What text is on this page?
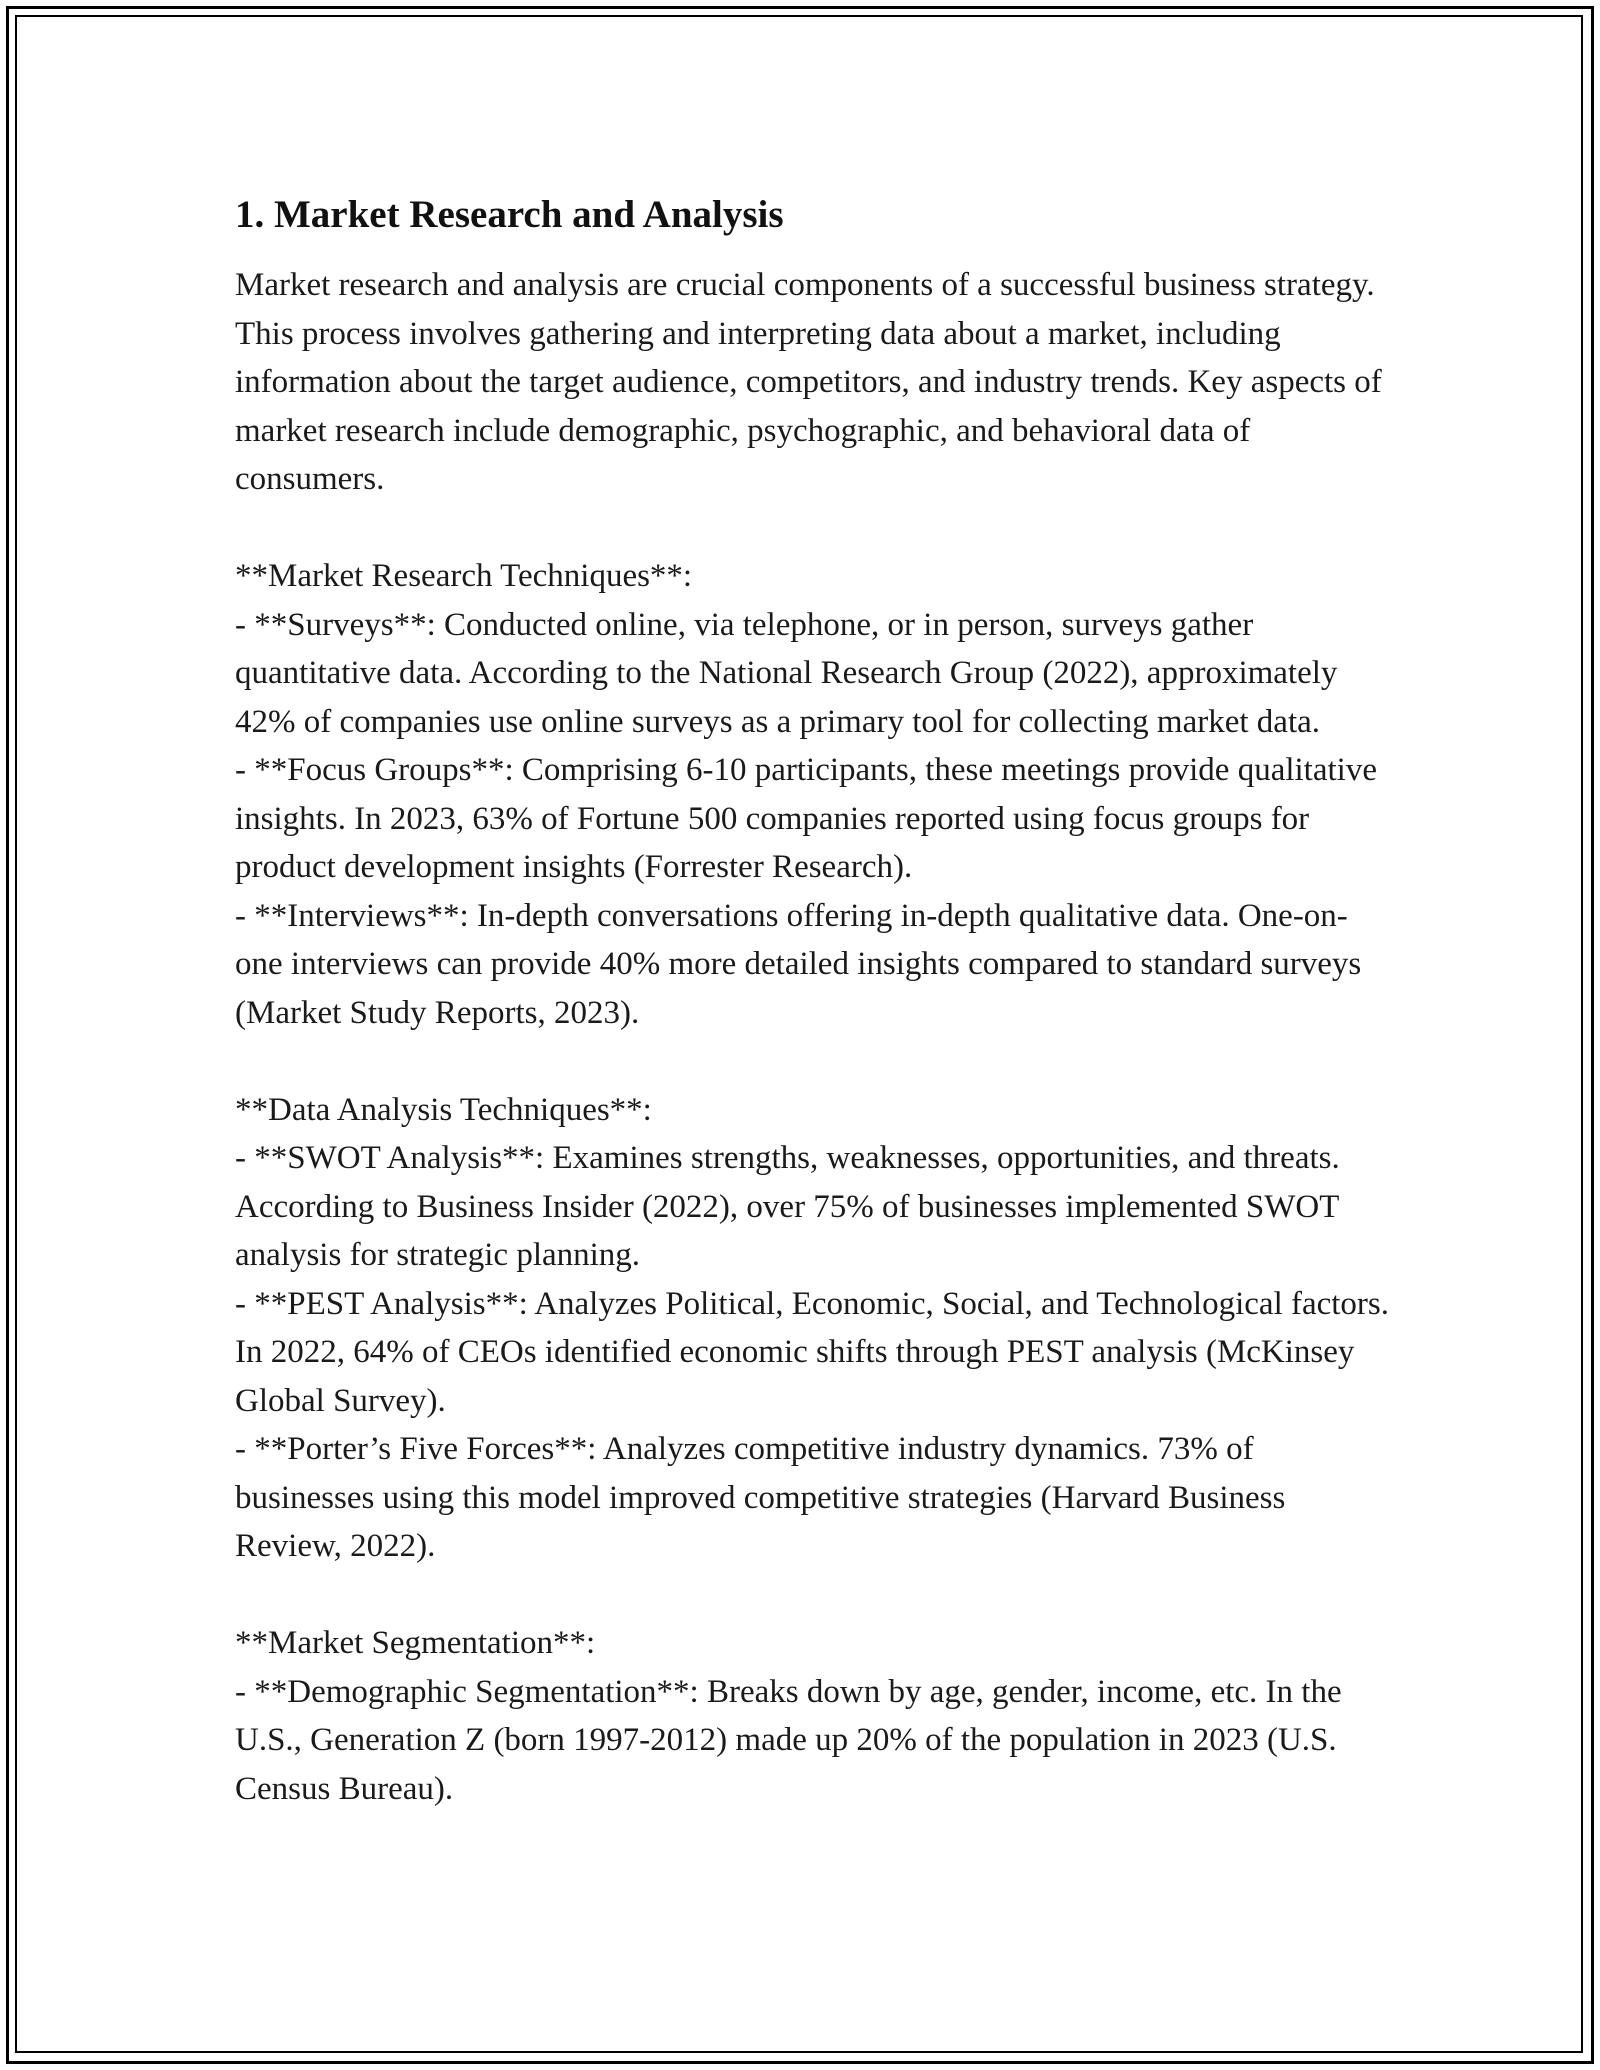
1. Market Research and Analysis

Market research and analysis are crucial components of a successful business strategy. This process involves gathering and interpreting data about a market, including information about the target audience, competitors, and industry trends. Key aspects of market research include demographic, psychographic, and behavioral data of consumers.

**Market Research Techniques**:

- **Surveys**: Conducted online, via telephone, or in person, surveys gather quantitative data. According to the National Research Group (2022), approximately 42% of companies use online surveys as a primary tool for collecting market data.

- **Focus Groups**: Comprising 6-10 participants, these meetings provide qualitative insights. In 2023, 63% of Fortune 500 companies reported using focus groups for product development insights (Forrester Research).

- **Interviews**: In-depth conversations offering in-depth qualitative data. One-on-one interviews can provide 40% more detailed insights compared to standard surveys (Market Study Reports, 2023).

**Data Analysis Techniques**:

- **SWOT Analysis**: Examines strengths, weaknesses, opportunities, and threats. According to Business Insider (2022), over 75% of businesses implemented SWOT analysis for strategic planning.

- **PEST Analysis**: Analyzes Political, Economic, Social, and Technological factors. In 2022, 64% of CEOs identified economic shifts through PEST analysis (McKinsey Global Survey).

- **Porter’s Five Forces**: Analyzes competitive industry dynamics. 73% of businesses using this model improved competitive strategies (Harvard Business Review, 2022).

**Market Segmentation**:

- **Demographic Segmentation**: Breaks down by age, gender, income, etc. In the U.S., Generation Z (born 1997-2012) made up 20% of the population in 2023 (U.S. Census Bureau).
